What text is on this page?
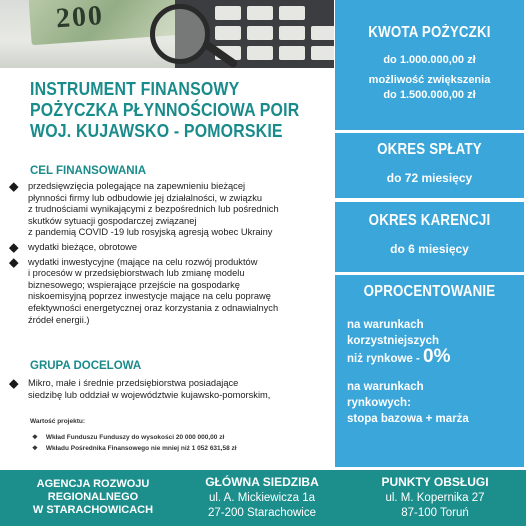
200
INSTRUMENT FINANSOWY
POŻYCZKA PŁYNNOŚCIOWA POIR
WOJ. KUJAWSKO - POMORSKIE
CEL FINANSOWANIA

przedsięwzięcia polegające na zapewnieniu bieżącej

płynności firmy lub odbudowie jej działalności, w związku

z trudnościami wynikającymi z bezpośrednich lub pośrednich

skutków sytuacji gospodarczej związanej

z pandemią COVID -19 lub rosyjską agresją wobec Ukrainy

wydatki bieżące, obrotowe

wydatki inwestycyjne (mające na celu rozwój produktów

i procesów w przedsiębiorstwach lub zmianę modelu

biznesowego; wspierające przejście na gospodarkę

niskoemisyjną poprzez inwestycje mające na celu poprawę

efektywności energetycznej oraz korzystania z odnawialnych

źródeł energii.)

GRUPA DOCELOWA

Mikro, małe i średnie przedsiębiorstwa posiadające

siedzibę lub oddział w województwie kujawsko-pomorskim,

Wartość projektu:
❖ Wkład Funduszu Funduszy do wysokości 20 000 000,00 zł
❖ Wkładu Pośrednika Finansowego nie mniej niż 1 052 631,58 zł
KWOTA POŻYCZKI
do 1.000.000,00 zł
możliwość zwiększenia
do 1.500.000,00 zł
OKRES SPŁATY
do 72 miesięcy
OKRES KARENCJI
do 6 miesięcy
OPROCENTOWANIE
na warunkach
korzystniejszych
niż rynkowe - 0%
na warunkach
rynkowych:
stopa bazowa + marża
AGENCJA ROZWOJU
REGIONALNEGO
W STARACHOWICACH
GŁÓWNA SIEDZIBA
ul. A. Mickiewicza 1a
27-200 Starachowice
PUNKTY OBSŁUGI
ul. M. Kopernika 27
87-100 Toruń
